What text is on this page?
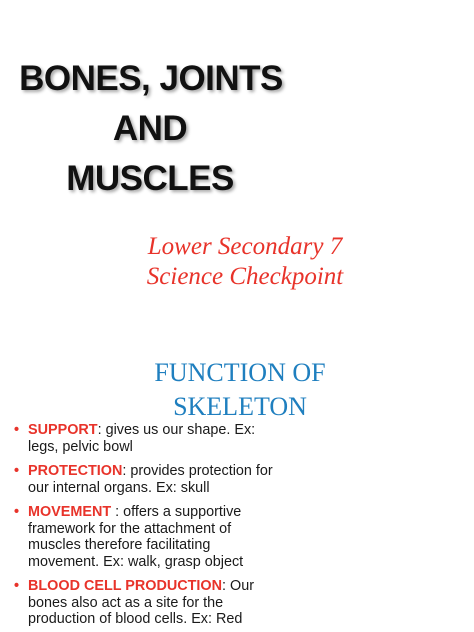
BONES, JOINTS
AND
MUSCLES
Lower Secondary 7
Science Checkpoint
FUNCTION OF
SKELETON
• SUPPORT: gives us our shape. Ex: legs, pelvic bowl
• PROTECTION: provides protection for our internal organs. Ex: skull
• MOVEMENT : offers a supportive framework for the attachment of muscles therefore facilitating movement. Ex: walk, grasp object
• BLOOD CELL PRODUCTION: Our bones also act as a site for the production of blood cells. Ex: Red
